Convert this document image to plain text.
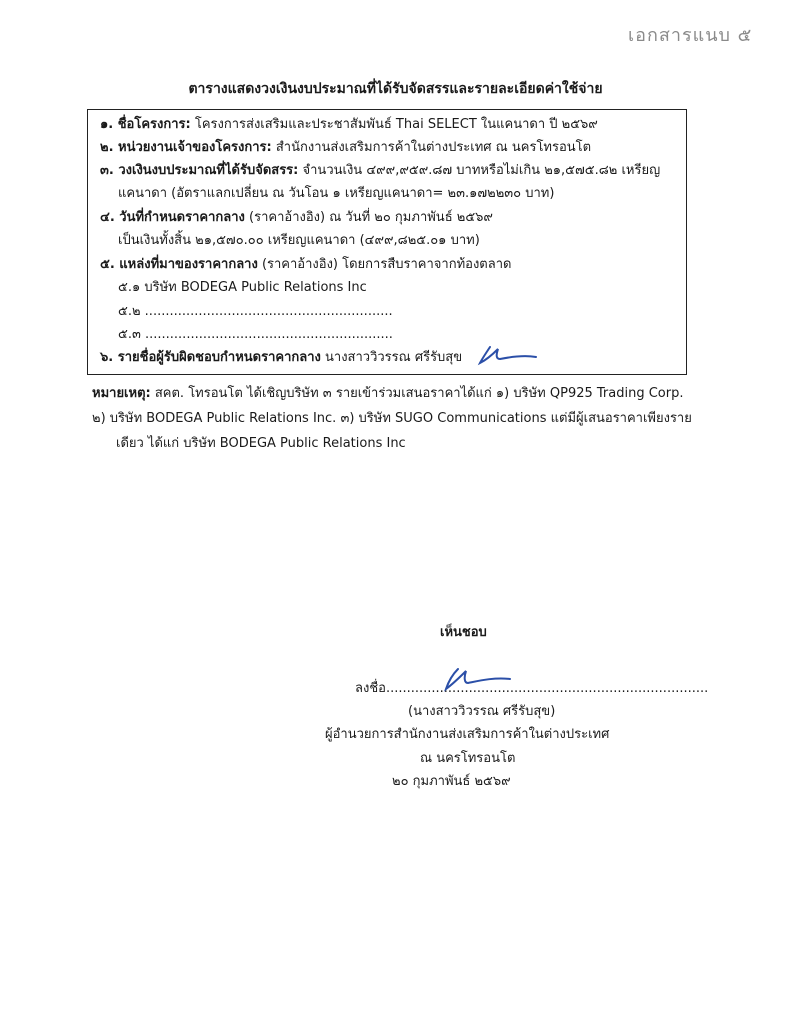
เอกสารแนบ ๕
ตารางแสดงวงเงินงบประมาณที่ได้รับจัดสรรและรายละเอียดค่าใช้จ่าย
๑. ชื่อโครงการ: โครงการส่งเสริมและประชาสัมพันธ์ Thai SELECT ในแคนาดา ปี ๒๕๖๙
๒. หน่วยงานเจ้าของโครงการ: สำนักงานส่งเสริมการค้าในต่างประเทศ ณ นครโทรอนโต
๓. วงเงินงบประมาณที่ได้รับจัดสรร: จำนวนเงิน ๔๙๙,๙๕๙.๘๗ บาทหรือไม่เกิน ๒๑,๕๗๕.๘๒ เหรียญ
แคนาดา (อัตราแลกเปลี่ยน ณ วันโอน ๑ เหรียญแคนาดา= ๒๓.๑๗๒๒๓๐ บาท)
๔. วันที่กำหนดราคากลาง (ราคาอ้างอิง) ณ วันที่ ๒๐ กุมภาพันธ์ ๒๕๖๙
เป็นเงินทั้งสิ้น ๒๑,๕๗๐.๐๐ เหรียญแคนาดา (๔๙๙,๘๒๕.๐๑ บาท)
๕. แหล่งที่มาของราคากลาง (ราคาอ้างอิง) โดยการสืบราคาจากท้องตลาด
๕.๑ บริษัท BODEGA Public Relations Inc
๕.๒ ............................................................
๕.๓ ............................................................
๖. รายชื่อผู้รับผิดชอบกำหนดราคากลาง นางสาววิวรรณ ศรีรับสุข
หมายเหตุ: สคต. โทรอนโต ได้เชิญบริษัท ๓ รายเข้าร่วมเสนอราคาได้แก่ ๑) บริษัท QP925 Trading Corp.
๒) บริษัท BODEGA Public Relations Inc. ๓) บริษัท SUGO Communications แต่มีผู้เสนอราคาเพียงราย
เดียว ได้แก่ บริษัท BODEGA Public Relations Inc
เห็นชอบ
ลงชื่อ..............................................................................
(นางสาววิวรรณ ศรีรับสุข)
ผู้อำนวยการสำนักงานส่งเสริมการค้าในต่างประเทศ
ณ นครโทรอนโต
๒๐ กุมภาพันธ์ ๒๕๖๙
